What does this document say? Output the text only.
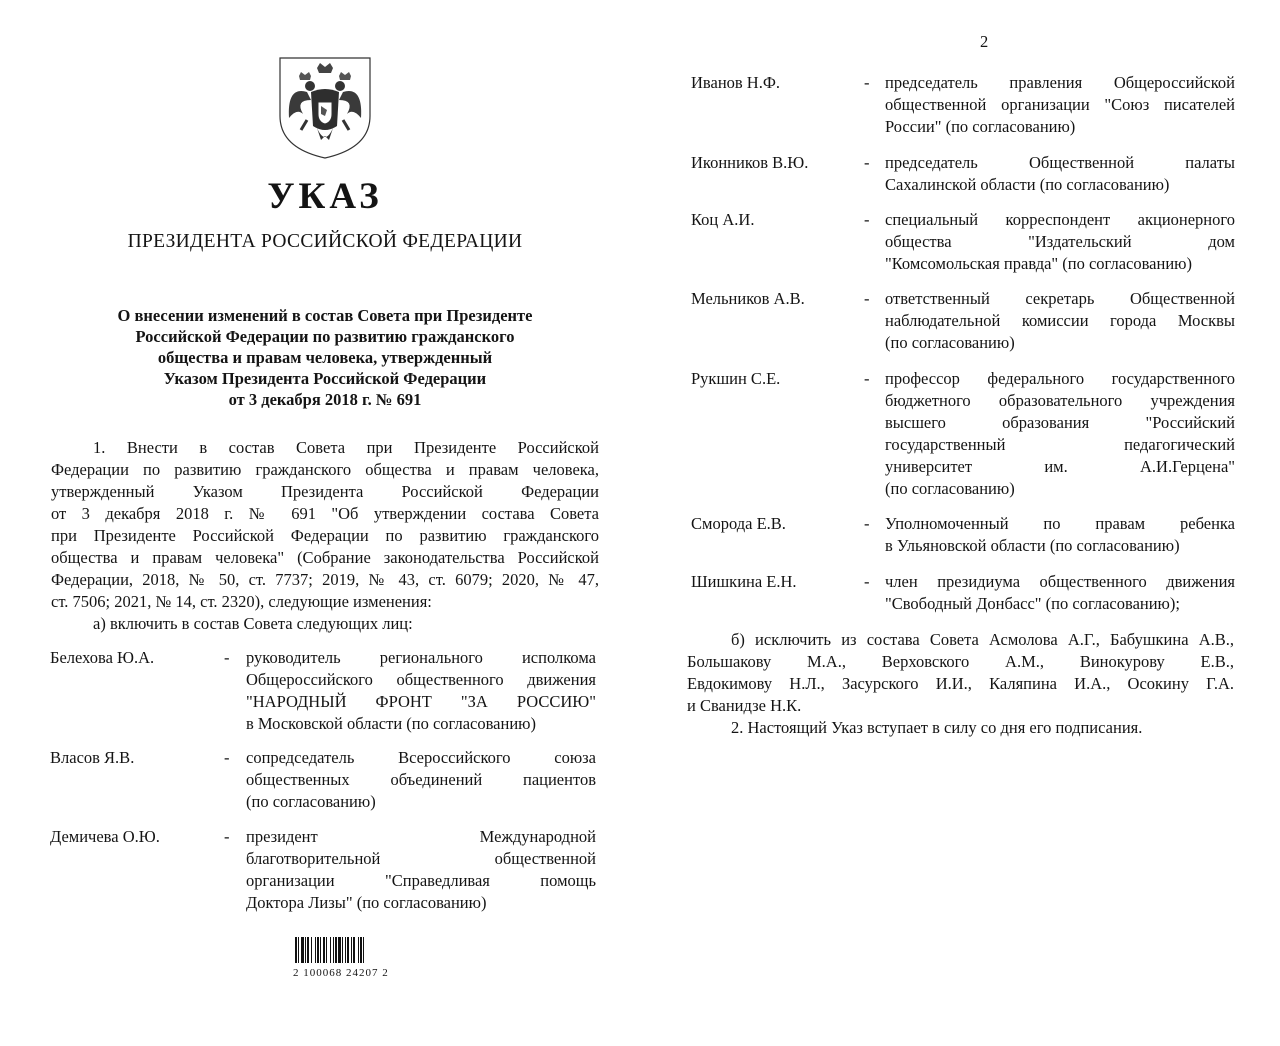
УКАЗ
ПРЕЗИДЕНТА РОССИЙСКОЙ ФЕДЕРАЦИИ
О внесении изменений в состав Совета при Президенте
Российской Федерации по развитию гражданского
общества и правам человека, утвержденный
Указом Президента Российской Федерации
от 3 декабря 2018 г. № 691
1. Внести в состав Совета при Президенте Российской
Федерации по развитию гражданского общества и правам человека,
утвержденный Указом Президента Российской Федерации
от 3 декабря 2018 г. № 691 "Об утверждении состава Совета
при Президенте Российской Федерации по развитию гражданского
общества и правам человека" (Собрание законодательства Российской
Федерации, 2018, № 50, ст. 7737; 2019, № 43, ст. 6079; 2020, № 47,
ст. 7506; 2021, № 14, ст. 2320), следующие изменения:
а) включить в состав Совета следующих лиц:
Белехова Ю.А.	- руководитель регионального исполкома
Общероссийского общественного движения
"НАРОДНЫЙ ФРОНТ "ЗА РОССИЮ"
в Московской области (по согласованию)
Власов Я.В.	- сопредседатель Всероссийского союза
общественных объединений пациентов
(по согласованию)
Демичева О.Ю.	- президент Международной
благотворительной общественной
организации "Справедливая помощь
Доктора Лизы" (по согласованию)
2 100068 24207 2
2
Иванов Н.Ф.	- председатель правления Общероссийской
общественной организации "Союз писателей
России" (по согласованию)
Иконников В.Ю.	- председатель Общественной палаты
Сахалинской области (по согласованию)
Коц А.И.	- специальный корреспондент акционерного
общества "Издательский дом
"Комсомольская правда" (по согласованию)
Мельников А.В.	- ответственный секретарь Общественной
наблюдательной комиссии города Москвы
(по согласованию)
Рукшин С.Е.	- профессор федерального государственного
бюджетного образовательного учреждения
высшего образования "Российский
государственный педагогический
университет им. А.И.Герцена"
(по согласованию)
Сморода Е.В.	- Уполномоченный по правам ребенка
в Ульяновской области (по согласованию)
Шишкина Е.Н.	- член президиума общественного движения
"Свободный Донбасс" (по согласованию);
б) исключить из состава Совета Асмолова А.Г., Бабушкина А.В.,
Большакову М.А., Верховского А.М., Винокурову Е.В.,
Евдокимову Н.Л., Засурского И.И., Каляпина И.А., Осокину Г.А.
и Сванидзе Н.К.
2. Настоящий Указ вступает в силу со дня его подписания.
